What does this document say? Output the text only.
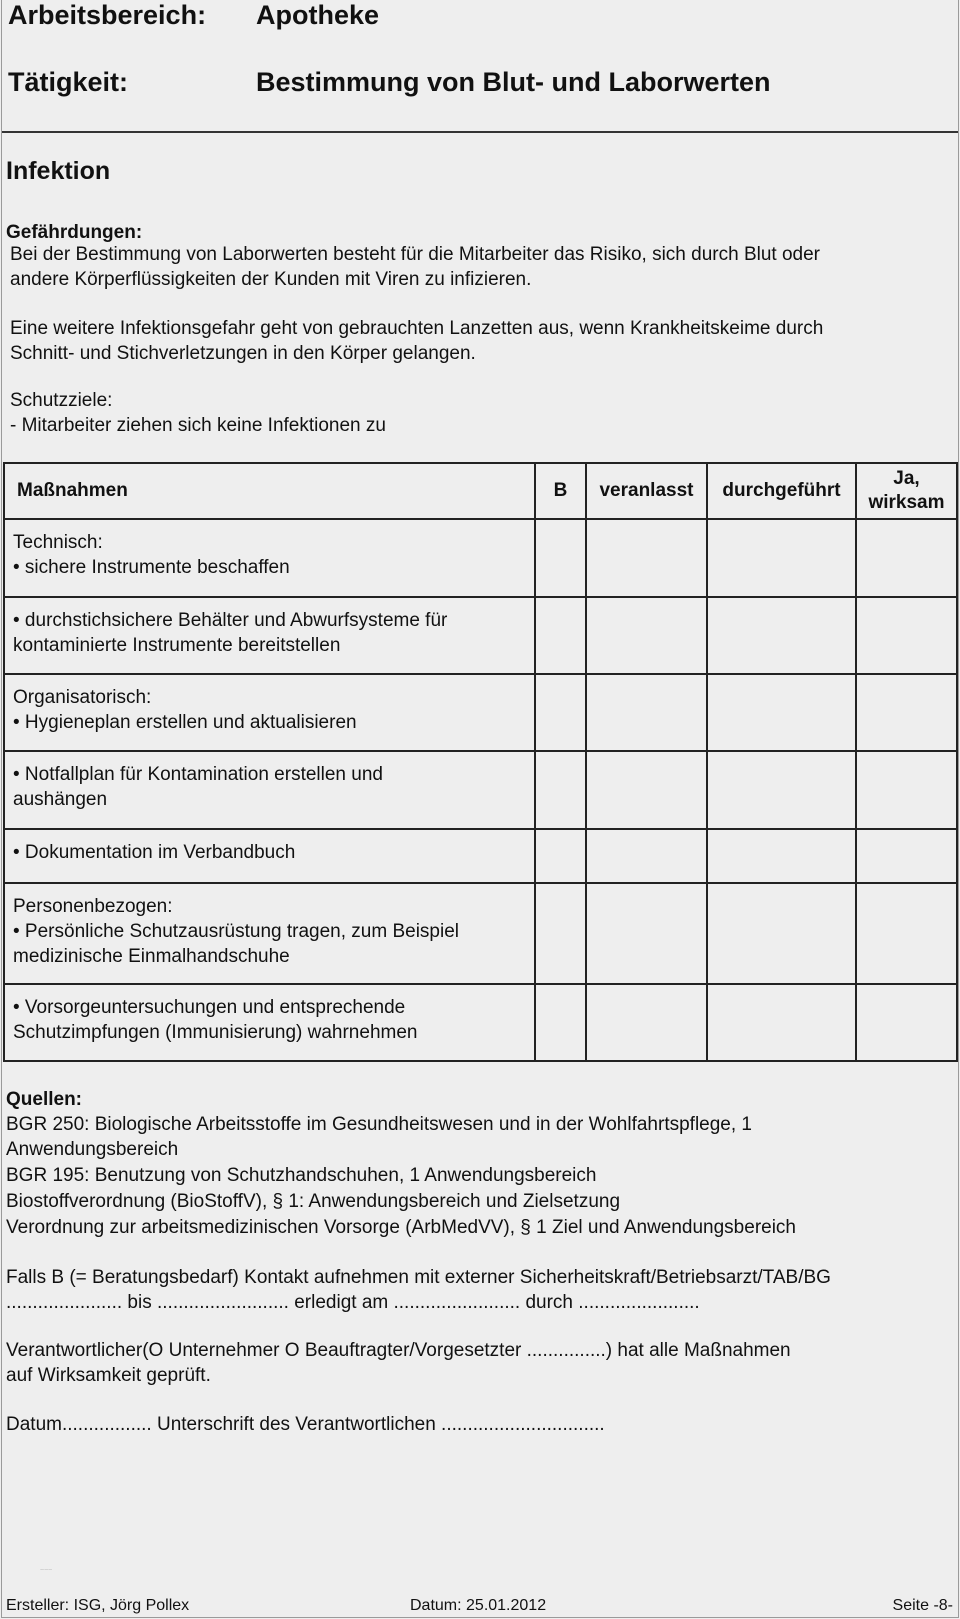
Arbeitsbereich: Apotheke
Tätigkeit:	Bestimmung von Blut- und Laborwerten
Infektion
Gefährdungen:
Bei der Bestimmung von Laborwerten besteht für die Mitarbeiter das Risiko, sich durch Blut oder
andere Körperflüssigkeiten der Kunden mit Viren zu infizieren.
Eine weitere Infektionsgefahr geht von gebrauchten Lanzetten aus, wenn Krankheitskeime durch
Schnitt- und Stichverletzungen in den Körper gelangen.
Schutzziele:
- Mitarbeiter ziehen sich keine Infektionen zu
Maßnahmen	B	veranlasst	durchgeführt	Ja,
wirksam

Technisch:
• sichere Instrumente beschaffen				

• durchstichsichere Behälter und Abwurfsysteme für
kontaminierte Instrumente bereitstellen				

Organisatorisch:
• Hygieneplan erstellen und aktualisieren				

• Notfallplan für Kontamination erstellen und
aushängen				

• Dokumentation im Verbandbuch				

Personenbezogen:
• Persönliche Schutzausrüstung tragen, zum Beispiel
medizinische Einmalhandschuhe				

• Vorsorgeuntersuchungen und entsprechende
Schutzimpfungen (Immunisierung) wahrnehmen				

Quellen:
BGR 250: Biologische Arbeitsstoffe im Gesundheitswesen und in der Wohlfahrtspflege, 1
Anwendungsbereich
BGR 195: Benutzung von Schutzhandschuhen, 1 Anwendungsbereich
Biostoffverordnung (BioStoffV), § 1: Anwendungsbereich und Zielsetzung
Verordnung zur arbeitsmedizinischen Vorsorge (ArbMedVV), § 1 Ziel und Anwendungsbereich
Falls B (= Beratungsbedarf) Kontakt aufnehmen mit externer Sicherheitskraft/Betriebsarzt/TAB/BG
...................... bis ......................... erledigt am ........................ durch .......................
Verantwortlicher(O Unternehmer O Beauftragter/Vorgesetzter ...............) hat alle Maßnahmen
auf Wirksamkeit geprüft.
Datum................. Unterschrift des Verantwortlichen ...............................
~~~
Ersteller: ISG, Jörg Pollex	Datum: 25.01.2012	Seite -8-
